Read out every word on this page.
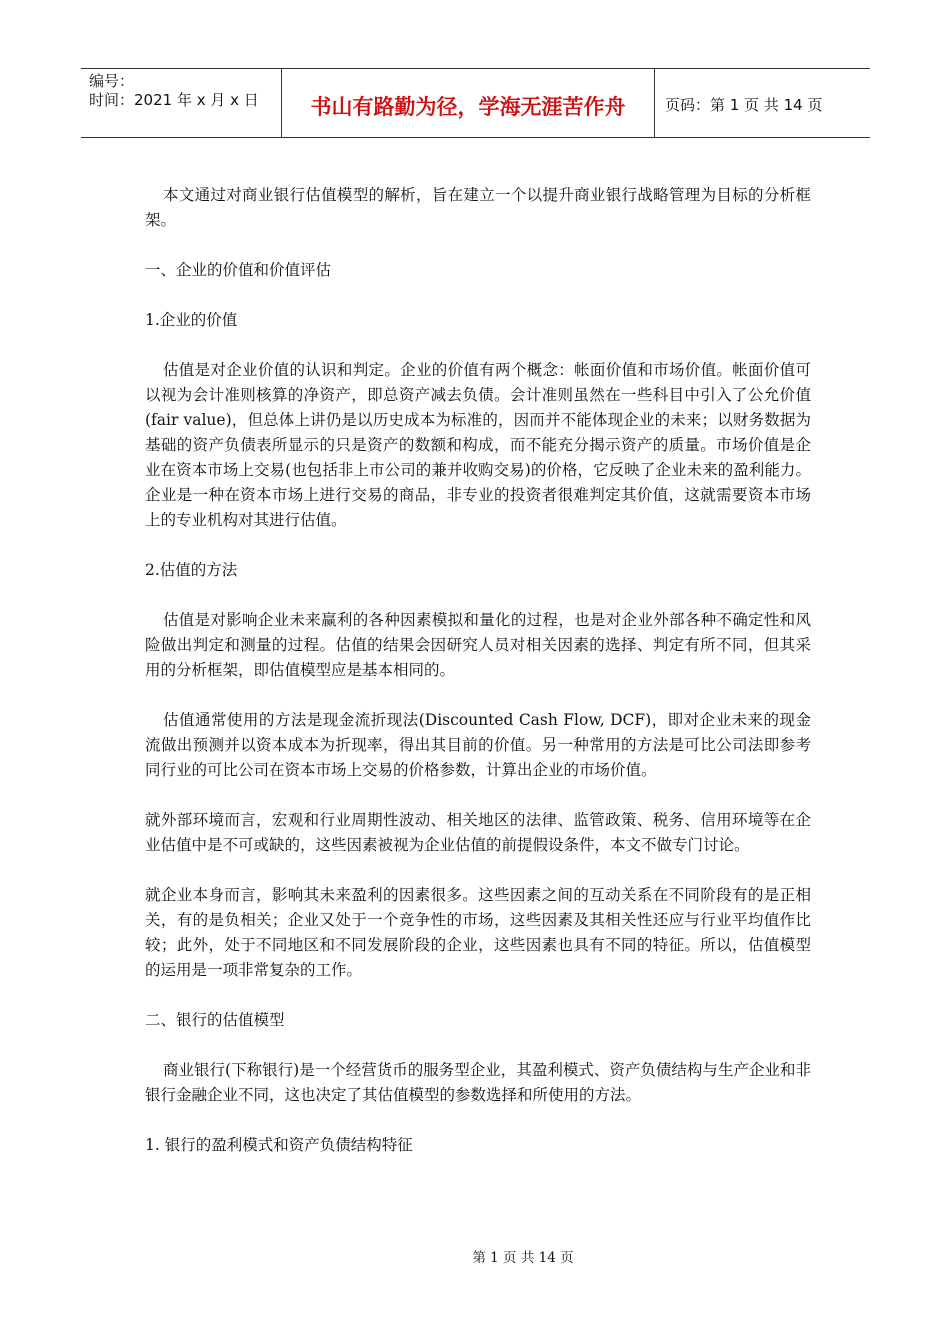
编号：
时间：2021 年 x 月 x 日	书山有路勤为径，学海无涯苦作舟	页码：第 1 页 共 14 页

本文通过对商业银行估值模型的解析，旨在建立一个以提升商业银行战略管理为目标的分析框架。

一、企业的价值和价值评估

1.企业的价值

估值是对企业价值的认识和判定。企业的价值有两个概念：帐面价值和市场价值。帐面价值可以视为会计准则核算的净资产，即总资产减去负债。会计准则虽然在一些科目中引入了公允价值(fair value)，但总体上讲仍是以历史成本为标准的，因而并不能体现企业的未来；以财务数据为基础的资产负债表所显示的只是资产的数额和构成，而不能充分揭示资产的质量。市场价值是企业在资本市场上交易(也包括非上市公司的兼并收购交易)的价格，它反映了企业未来的盈利能力。企业是一种在资本市场上进行交易的商品，非专业的投资者很难判定其价值，这就需要资本市场上的专业机构对其进行估值。

2.估值的方法

估值是对影响企业未来赢利的各种因素模拟和量化的过程，也是对企业外部各种不确定性和风险做出判定和测量的过程。估值的结果会因研究人员对相关因素的选择、判定有所不同，但其采用的分析框架，即估值模型应是基本相同的。

估值通常使用的方法是现金流折现法(Discounted Cash Flow, DCF)，即对企业未来的现金流做出预测并以资本成本为折现率，得出其目前的价值。另一种常用的方法是可比公司法即参考同行业的可比公司在资本市场上交易的价格参数，计算出企业的市场价值。

就外部环境而言，宏观和行业周期性波动、相关地区的法律、监管政策、税务、信用环境等在企业估值中是不可或缺的，这些因素被视为企业估值的前提假设条件，本文不做专门讨论。

就企业本身而言，影响其未来盈利的因素很多。这些因素之间的互动关系在不同阶段有的是正相关，有的是负相关；企业又处于一个竞争性的市场，这些因素及其相关性还应与行业平均值作比较；此外，处于不同地区和不同发展阶段的企业，这些因素也具有不同的特征。所以，估值模型的运用是一项非常复杂的工作。

二、银行的估值模型

商业银行(下称银行)是一个经营货币的服务型企业，其盈利模式、资产负债结构与生产企业和非银行金融企业不同，这也决定了其估值模型的参数选择和所使用的方法。

1. 银行的盈利模式和资产负债结构特征

第 1 页 共 14 页
